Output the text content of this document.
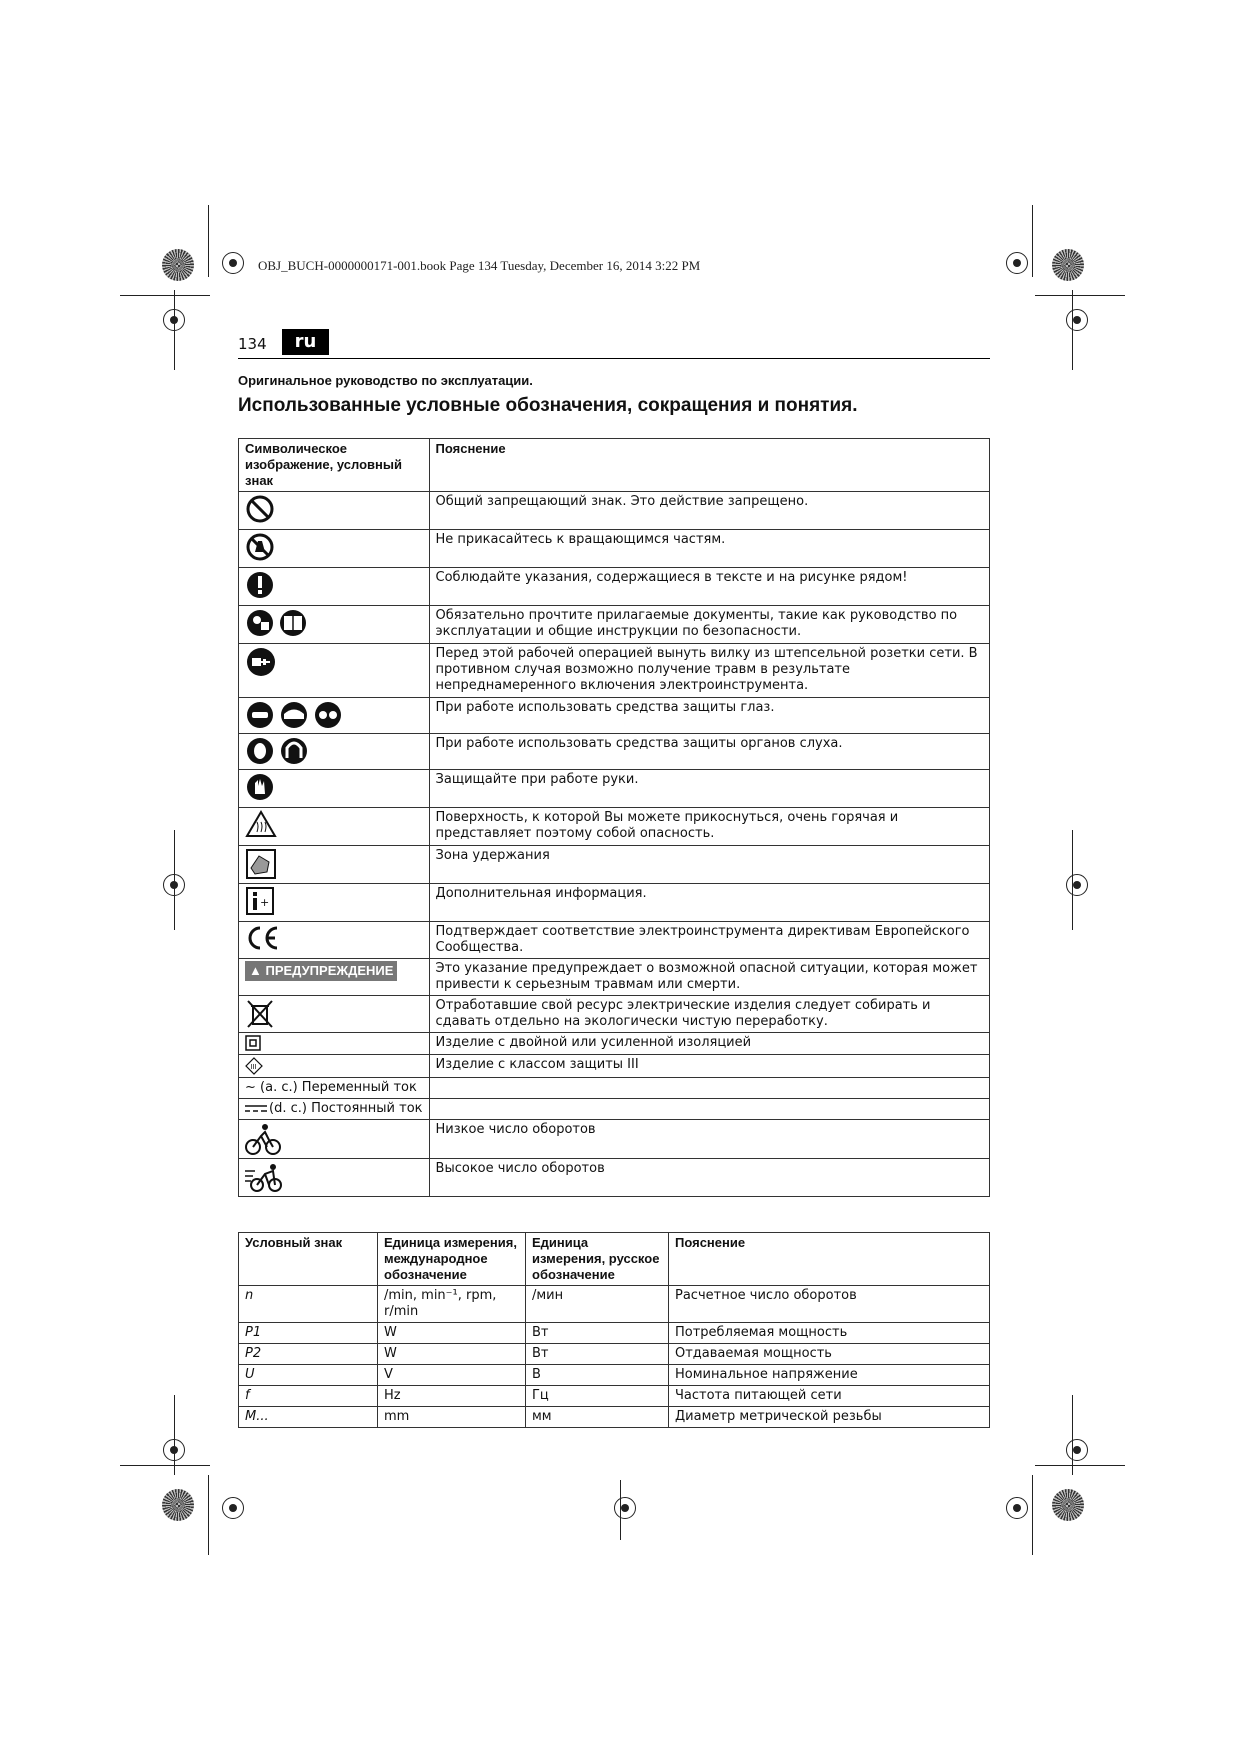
OBJ_BUCH-0000000171-001.book Page 134 Tuesday, December 16, 2014 3:22 PM
134	ru
Оригинальное руководство по эксплуатации.
Использованные условные обозначения, сокращения и понятия.
Символическое изображение, условный знак	Пояснение
	Общий запрещающий знак. Это действие запрещено.
	Не прикасайтесь к вращающимся частям.
	Соблюдайте указания, содержащиеся в тексте и на рисунке рядом!
	Обязательно прочтите прилагаемые документы, такие как руководство по эксплуатации и общие инструкции по безопасности.
	Перед этой рабочей операцией вынуть вилку из штепсельной розетки сети. В противном случая возможно получение травм в результате непреднамеренного включения электроинструмента.
	При работе использовать средства защиты глаз.
	При работе использовать средства защиты органов слуха.
	Защищайте при работе руки.
	Поверхность, к которой Вы можете прикоснуться, очень горячая и представляет поэтому собой опасность.
	Зона удержания

+	Дополнительная информация.
	Подтверждает соответствие электроинструмента директивам Европейского Сообщества.
▲ ПРЕДУПРЕЖДЕНИЕ	Это указание предупреждает о возможной опасной ситуации, которая может привести к серьезным травмам или смерти.
	Отработавшие свой ресурс электрические изделия следует собирать и сдавать отдельно на экологически чистую переработку.
	Изделие с двойной или усиленной изоляцией

III	Изделие с классом защиты III
~ (a. c.) Переменный ток	
(d. c.) Постоянный ток	
	Низкое число оборотов
	Высокое число оборотов
Условный знак	Единица измерения, международное обозначение	Единица измерения, русское обозначение	Пояснение
n	/min, min⁻¹, rpm, r/min	/мин	Расчетное число оборотов
P1	W	Вт	Потребляемая мощность
P2	W	Вт	Отдаваемая мощность
U	V	В	Номинальное напряжение
f	Hz	Гц	Частота питающей сети
M...	mm	мм	Диаметр метрической резьбы
